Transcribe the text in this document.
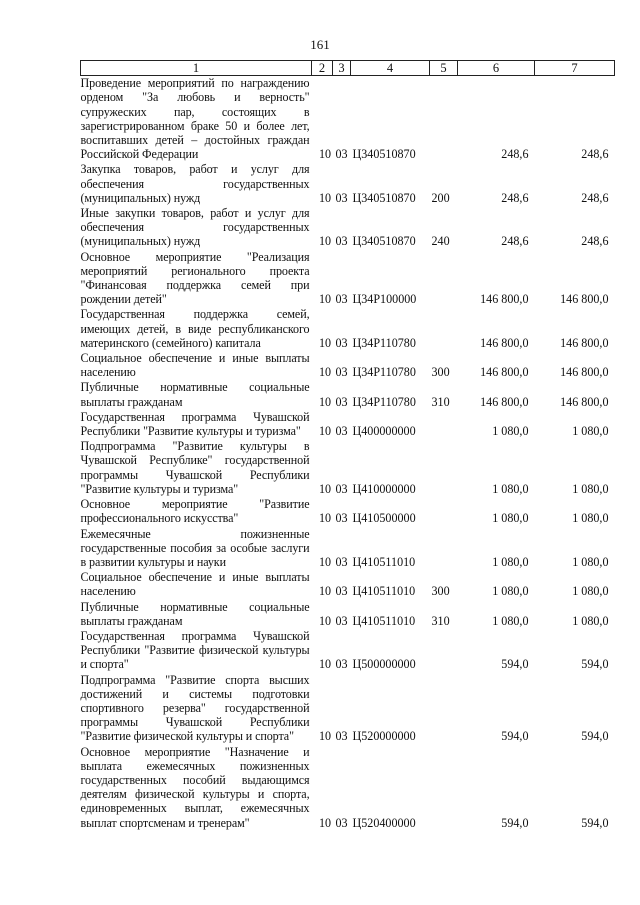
161
1	2	3	4	5	6	7
Проведение мероприятий по награждению орденом "За любовь и верность" супружеских пар, состоящих в зарегистрированном браке 50 и более лет, воспитавших детей – достойных граждан Российской Федерации	10	03	Ц340510870		248,6	248,6
Закупка товаров, работ и услуг для обеспечения государственных (муниципальных) нужд	10	03	Ц340510870	200	248,6	248,6
Иные закупки товаров, работ и услуг для обеспечения государственных (муниципальных) нужд	10	03	Ц340510870	240	248,6	248,6
Основное мероприятие "Реализация мероприятий регионального проекта "Финансовая поддержка семей при рождении детей"	10	03	Ц34Р100000		146 800,0	146 800,0
Государственная поддержка семей, имеющих детей, в виде республиканского материнского (семейного) капитала	10	03	Ц34Р110780		146 800,0	146 800,0
Социальное обеспечение и иные выплаты населению	10	03	Ц34Р110780	300	146 800,0	146 800,0
Публичные нормативные социальные выплаты гражданам	10	03	Ц34Р110780	310	146 800,0	146 800,0
Государственная программа Чувашской Республики "Развитие культуры и туризма"	10	03	Ц400000000		1 080,0	1 080,0
Подпрограмма "Развитие культуры в Чувашской Республике" государственной программы Чувашской Республики "Развитие культуры и туризма"	10	03	Ц410000000		1 080,0	1 080,0
Основное мероприятие "Развитие профессионального искусства"	10	03	Ц410500000		1 080,0	1 080,0
Ежемесячные пожизненные государственные пособия за особые заслуги в развитии культуры и науки	10	03	Ц410511010		1 080,0	1 080,0
Социальное обеспечение и иные выплаты населению	10	03	Ц410511010	300	1 080,0	1 080,0
Публичные нормативные социальные выплаты гражданам	10	03	Ц410511010	310	1 080,0	1 080,0
Государственная программа Чувашской Республики "Развитие физической культуры и спорта"	10	03	Ц500000000		594,0	594,0
Подпрограмма "Развитие спорта высших достижений и системы подготовки спортивного резерва" государственной программы Чувашской Республики "Развитие физической культуры и спорта"	10	03	Ц520000000		594,0	594,0
Основное мероприятие "Назначение и выплата ежемесячных пожизненных государственных пособий выдающимся деятелям физической культуры и спорта, единовременных выплат, ежемесячных выплат спортсменам и тренерам"	10	03	Ц520400000		594,0	594,0
